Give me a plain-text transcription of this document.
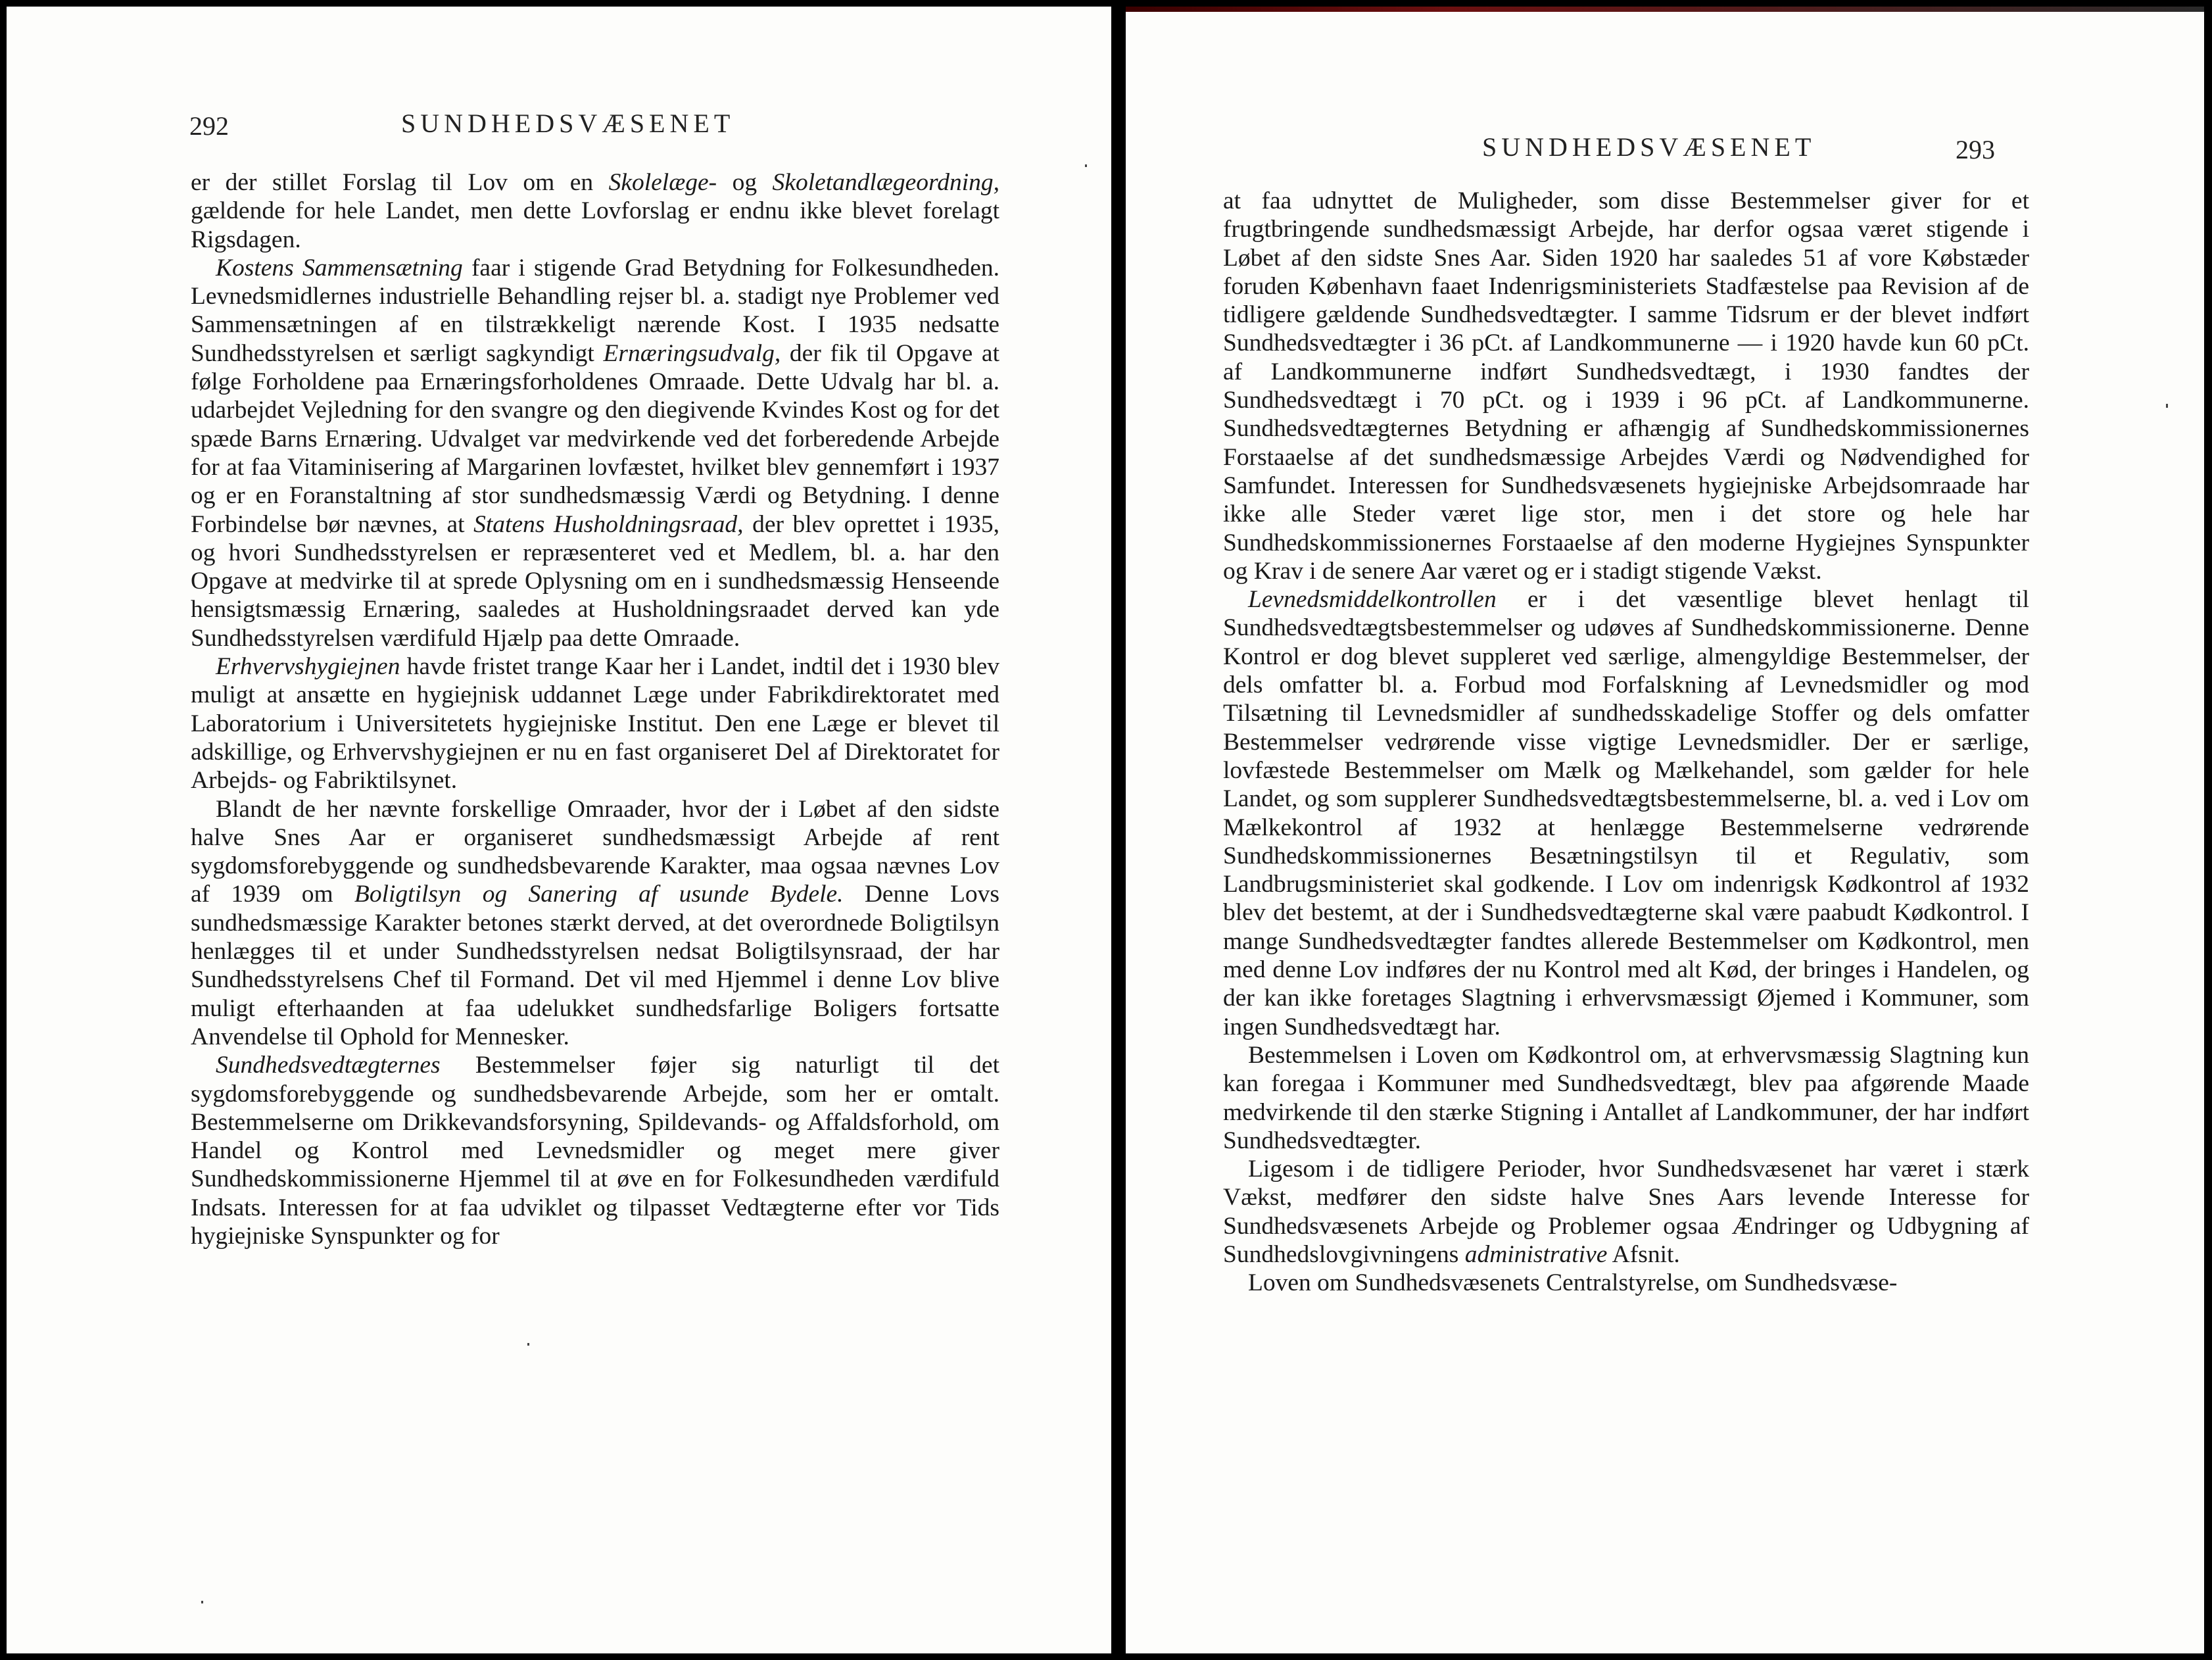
292	SUNDHEDSVÆSENET

er der stillet Forslag til Lov om en Skolelæge- og Skoletandlægeordning, gældende for hele Landet, men dette Lovforslag er endnu ikke blevet forelagt Rigsdagen.

Kostens Sammensætning faar i stigende Grad Betydning for Folkesundheden. Levnedsmidlernes industrielle Behandling rejser bl. a. stadigt nye Problemer ved Sammensætningen af en tilstrækkeligt nærende Kost. I 1935 nedsatte Sundhedsstyrelsen et særligt sagkyndigt Ernæringsudvalg, der fik til Opgave at følge Forholdene paa Ernæringsforholdenes Omraade. Dette Udvalg har bl. a. udarbejdet Vejledning for den svangre og den diegivende Kvindes Kost og for det spæde Barns Ernæring. Udvalget var medvirkende ved det forberedende Arbejde for at faa Vitaminisering af Margarinen lovfæstet, hvilket blev gennemført i 1937 og er en Foranstaltning af stor sundhedsmæssig Værdi og Betydning. I denne Forbindelse bør nævnes, at Statens Husholdningsraad, der blev oprettet i 1935, og hvori Sundhedsstyrelsen er repræsenteret ved et Medlem, bl. a. har den Opgave at medvirke til at sprede Oplysning om en i sundhedsmæssig Henseende hensigtsmæssig Ernæring, saaledes at Husholdningsraadet derved kan yde Sundhedsstyrelsen værdifuld Hjælp paa dette Omraade.

Erhvervshygiejnen havde fristet trange Kaar her i Landet, indtil det i 1930 blev muligt at ansætte en hygiejnisk uddannet Læge under Fabrikdirektoratet med Laboratorium i Universitetets hygiejniske Institut. Den ene Læge er blevet til adskillige, og Erhvervshygiejnen er nu en fast organiseret Del af Direktoratet for Arbejds- og Fabriktilsynet.

Blandt de her nævnte forskellige Omraader, hvor der i Løbet af den sidste halve Snes Aar er organiseret sundhedsmæssigt Arbejde af rent sygdomsforebyggende og sundhedsbevarende Karakter, maa ogsaa nævnes Lov af 1939 om Boligtilsyn og Sanering af usunde Bydele. Denne Lovs sundhedsmæssige Karakter betones stærkt derved, at det overordnede Boligtilsyn henlægges til et under Sundhedsstyrelsen nedsat Boligtilsynsraad, der har Sundhedsstyrelsens Chef til Formand. Det vil med Hjemmel i denne Lov blive muligt efterhaanden at faa udelukket sundhedsfarlige Boligers fortsatte Anvendelse til Ophold for Mennesker.

Sundhedsvedtægternes Bestemmelser føjer sig naturligt til det sygdomsforebyggende og sundhedsbevarende Arbejde, som her er omtalt. Bestemmelserne om Drikkevandsforsyning, Spildevands- og Affaldsforhold, om Handel og Kontrol med Levnedsmidler og meget mere giver Sundhedskommissionerne Hjemmel til at øve en for Folkesundheden værdifuld Indsats. Interessen for at faa udviklet og tilpasset Vedtægterne efter vor Tids hygiejniske Synspunkter og for

SUNDHEDSVÆSENET	293

at faa udnyttet de Muligheder, som disse Bestemmelser giver for et frugtbringende sundhedsmæssigt Arbejde, har derfor ogsaa været stigende i Løbet af den sidste Snes Aar. Siden 1920 har saaledes 51 af vore Købstæder foruden København faaet Indenrigsministeriets Stadfæstelse paa Revision af de tidligere gældende Sundhedsvedtægter. I samme Tidsrum er der blevet indført Sundhedsvedtægter i 36 pCt. af Landkommunerne — i 1920 havde kun 60 pCt. af Landkommunerne indført Sundhedsvedtægt, i 1930 fandtes der Sundhedsvedtægt i 70 pCt. og i 1939 i 96 pCt. af Landkommunerne. Sundhedsvedtægternes Betydning er afhængig af Sundhedskommissionernes Forstaaelse af det sundhedsmæssige Arbejdes Værdi og Nødvendighed for Samfundet. Interessen for Sundhedsvæsenets hygiejniske Arbejdsomraade har ikke alle Steder været lige stor, men i det store og hele har Sundhedskommissionernes Forstaaelse af den moderne Hygiejnes Synspunkter og Krav i de senere Aar været og er i stadigt stigende Vækst.

Levnedsmiddelkontrollen er i det væsentlige blevet henlagt til Sundhedsvedtægtsbestemmelser og udøves af Sundhedskommissionerne. Denne Kontrol er dog blevet suppleret ved særlige, almengyldige Bestemmelser, der dels omfatter bl. a. Forbud mod Forfalskning af Levnedsmidler og mod Tilsætning til Levnedsmidler af sundhedsskadelige Stoffer og dels omfatter Bestemmelser vedrørende visse vigtige Levnedsmidler. Der er særlige, lovfæstede Bestemmelser om Mælk og Mælkehandel, som gælder for hele Landet, og som supplerer Sundhedsvedtægtsbestemmelserne, bl. a. ved i Lov om Mælkekontrol af 1932 at henlægge Bestemmelserne vedrørende Sundhedskommissionernes Besætningstilsyn til et Regulativ, som Landbrugsministeriet skal godkende. I Lov om indenrigsk Kødkontrol af 1932 blev det bestemt, at der i Sundhedsvedtægterne skal være paabudt Kødkontrol. I mange Sundhedsvedtægter fandtes allerede Bestemmelser om Kødkontrol, men med denne Lov indføres der nu Kontrol med alt Kød, der bringes i Handelen, og der kan ikke foretages Slagtning i erhvervsmæssigt Øjemed i Kommuner, som ingen Sundhedsvedtægt har.

Bestemmelsen i Loven om Kødkontrol om, at erhvervsmæssig Slagtning kun kan foregaa i Kommuner med Sundhedsvedtægt, blev paa afgørende Maade medvirkende til den stærke Stigning i Antallet af Landkommuner, der har indført Sundhedsvedtægter.

Ligesom i de tidligere Perioder, hvor Sundhedsvæsenet har været i stærk Vækst, medfører den sidste halve Snes Aars levende Interesse for Sundhedsvæsenets Arbejde og Problemer ogsaa Ændringer og Udbygning af Sundhedslovgivningens administrative Afsnit.

Loven om Sundhedsvæsenets Centralstyrelse, om Sundhedsvæse-
